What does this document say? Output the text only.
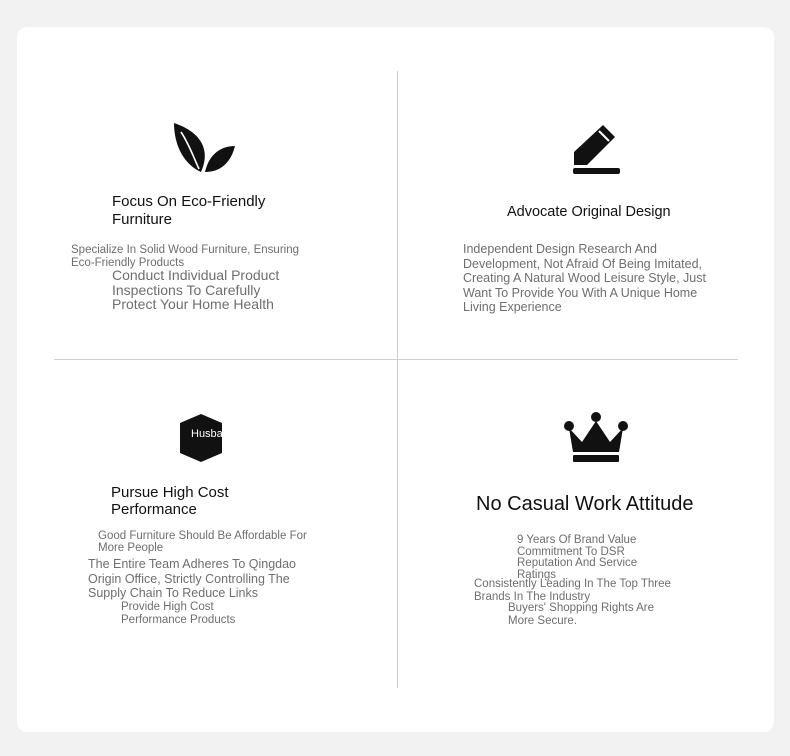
Focus On Eco-Friendly Furniture
Specialize In Solid Wood Furniture, Ensuring Eco-Friendly Products
Conduct Individual Product Inspections To Carefully Protect Your Home Health
Advocate Original Design
Independent Design Research And Development, Not Afraid Of Being Imitated, Creating A Natural Wood Leisure Style, Just Want To Provide You With A Unique Home Living Experience
Husba
Pursue High Cost Performance
Good Furniture Should Be Affordable For More People
The Entire Team Adheres To Qingdao Origin Office, Strictly Controlling The Supply Chain To Reduce Links
Provide High Cost Performance Products
No Casual Work Attitude
9 Years Of Brand Value Commitment To DSR Reputation And Service Ratings
Consistently Leading In The Top Three Brands In The Industry
Buyers' Shopping Rights Are More Secure.
